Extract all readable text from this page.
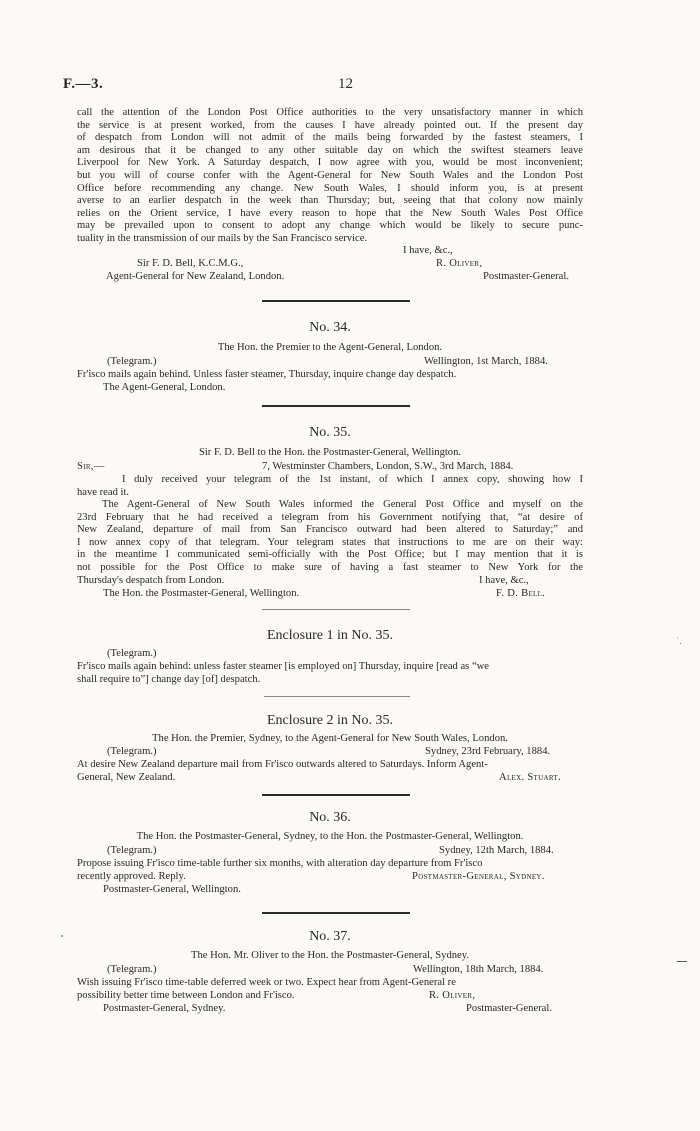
F.—3.	12
call the attention of the London Post Office authorities to the very unsatisfactory manner in which
the service is at present worked, from the causes I have already pointed out. If the present day
of despatch from London will not admit of the mails being forwarded by the fastest steamers, I
am desirous that it be changed to any other suitable day on which the swiftest steamers leave
Liverpool for New York. A Saturday despatch, I now agree with you, would be most inconvenient;
but you will of course confer with the Agent-General for New South Wales and the London Post
Office before recommending any change. New South Wales, I should inform you, is at present
averse to an earlier despatch in the week than Thursday; but, seeing that that colony now mainly
relies on the Orient service, I have every reason to hope that the New South Wales Post Office
may be prevailed upon to consent to adopt any change which would be likely to secure punc-
tuality in the transmission of our mails by the San Francisco service.
I have, &c.,
Sir F. D. Bell, K.C.M.G.,	R. Oliver,
Agent-General for New Zealand, London.	Postmaster-General.
No. 34.
The Hon. the Premier to the Agent-General, London.
(Telegram.)	Wellington, 1st March, 1884.
Fr'isco mails again behind. Unless faster steamer, Thursday, inquire change day despatch.
The Agent-General, London.
No. 35.
Sir F. D. Bell to the Hon. the Postmaster-General, Wellington.
Sir,—	7, Westminster Chambers, London, S.W., 3rd March, 1884.
I duly received your telegram of the 1st instant, of which I annex copy, showing how I
have read it.
The Agent-General of New South Wales informed the General Post Office and myself on the
23rd February that he had received a telegram from his Government notifying that, “at desire of
New Zealand, departure of mail from San Francisco outward had been altered to Saturday;” and
I now annex copy of that telegram. Your telegram states that instructions to me are on their way:
in the meantime I communicated semi-officially with the Post Office; but I may mention that it is
not possible for the Post Office to make sure of having a fast steamer to New York for the
Thursday's despatch from London.	I have, &c.,
The Hon. the Postmaster-General, Wellington.	F. D. Bell.
Enclosure 1 in No. 35.
(Telegram.)
Fr'isco mails again behind: unless faster steamer [is employed on] Thursday, inquire [read as “we
shall require to”] change day [of] despatch.
Enclosure 2 in No. 35.
The Hon. the Premier, Sydney, to the Agent-General for New South Wales, London.
(Telegram.)	Sydney, 23rd February, 1884.
At desire New Zealand departure mail from Fr'isco outwards altered to Saturdays. Inform Agent-
General, New Zealand.	Alex. Stuart.
No. 36.
The Hon. the Postmaster-General, Sydney, to the Hon. the Postmaster-General, Wellington.
(Telegram.)	Sydney, 12th March, 1884.
Propose issuing Fr'isco time-table further six months, with alteration day departure from Fr'isco
recently approved. Reply.	Postmaster-General, Sydney.
Postmaster-General, Wellington.
No. 37.
The Hon. Mr. Oliver to the Hon. the Postmaster-General, Sydney.
(Telegram.)	Wellington, 18th March, 1884.
Wish issuing Fr'isco time-table deferred week or two. Expect hear from Agent-General re
possibility better time between London and Fr'isco.	R. Oliver,
Postmaster-General, Sydney.	Postmaster-General.
˙․
